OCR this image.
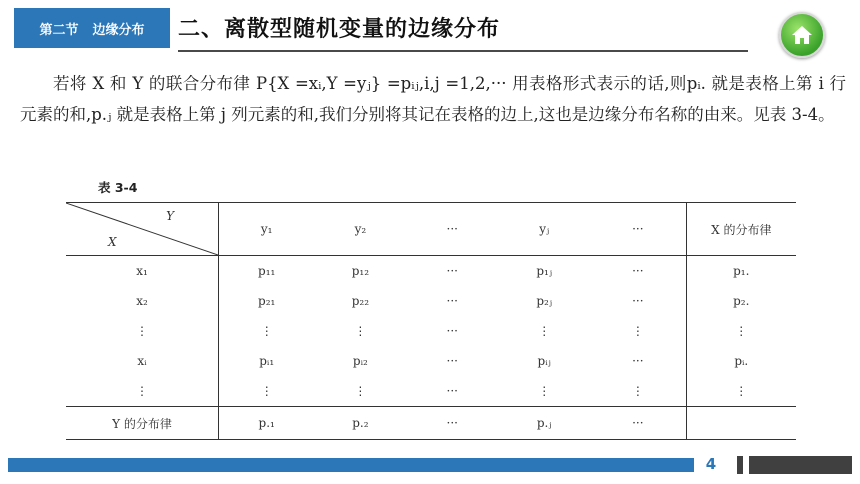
第二节 边缘分布 二、离散型随机变量的边缘分布
若将 X 和 Y 的联合分布律 P{X =xᵢ,Y =yⱼ} =pᵢⱼ,i,j =1,2,··· 用表格形式表示的话,则pᵢ. 就是表格上第 i 行元素的和,p.ⱼ 就是表格上第 j 列元素的和,我们分别将其记在表格的边上,这也是边缘分布名称的由来。见表 3-4。
表 3-4
Y
X	y₁	y₂	···	yⱼ	···	X 的分布律
x₁	p₁₁	p₁₂	···	p₁ⱼ	···	p₁.
x₂	p₂₁	p₂₂	···	p₂ⱼ	···	p₂.
⋮	⋮	⋮	···	⋮	⋮	⋮
xᵢ	pᵢ₁	pᵢ₂	···	pᵢⱼ	···	pᵢ.
⋮	⋮	⋮	···	⋮	⋮	⋮
Y 的分布律	p.₁	p.₂	···	p.ⱼ	···	
4
